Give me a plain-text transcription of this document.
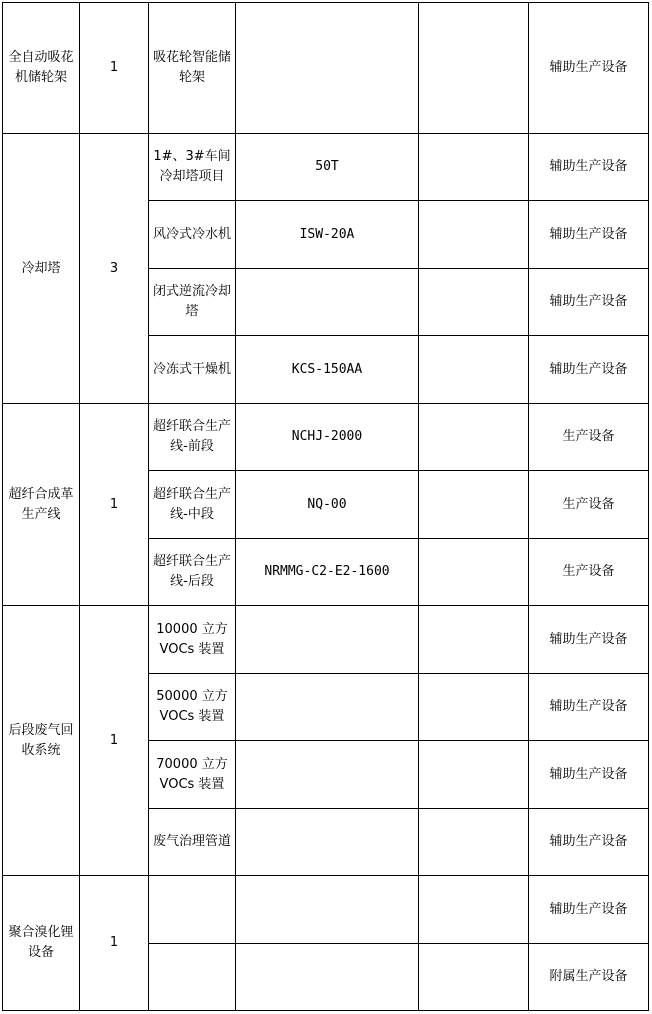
全自动吸花机储轮架	1	吸花轮智能储轮架			辅助生产设备
冷却塔	3	1#、3#车间冷却塔项目	50T		辅助生产设备
		风冷式冷水机	ISW-20A		辅助生产设备
		闭式逆流冷却塔			辅助生产设备
		冷冻式干燥机	KCS-150AA		辅助生产设备
超纤合成革生产线	1	超纤联合生产线-前段	NCHJ-2000		生产设备
		超纤联合生产线-中段	NQ-00		生产设备
		超纤联合生产线-后段	NRMMG-C2-E2-1600		生产设备
后段废气回收系统	1	10000 立方 VOCs 装置			辅助生产设备
		50000 立方 VOCs 装置			辅助生产设备
		70000 立方 VOCs 装置			辅助生产设备
		废气治理管道			辅助生产设备
聚合溴化锂设备	1				辅助生产设备
					附属生产设备
